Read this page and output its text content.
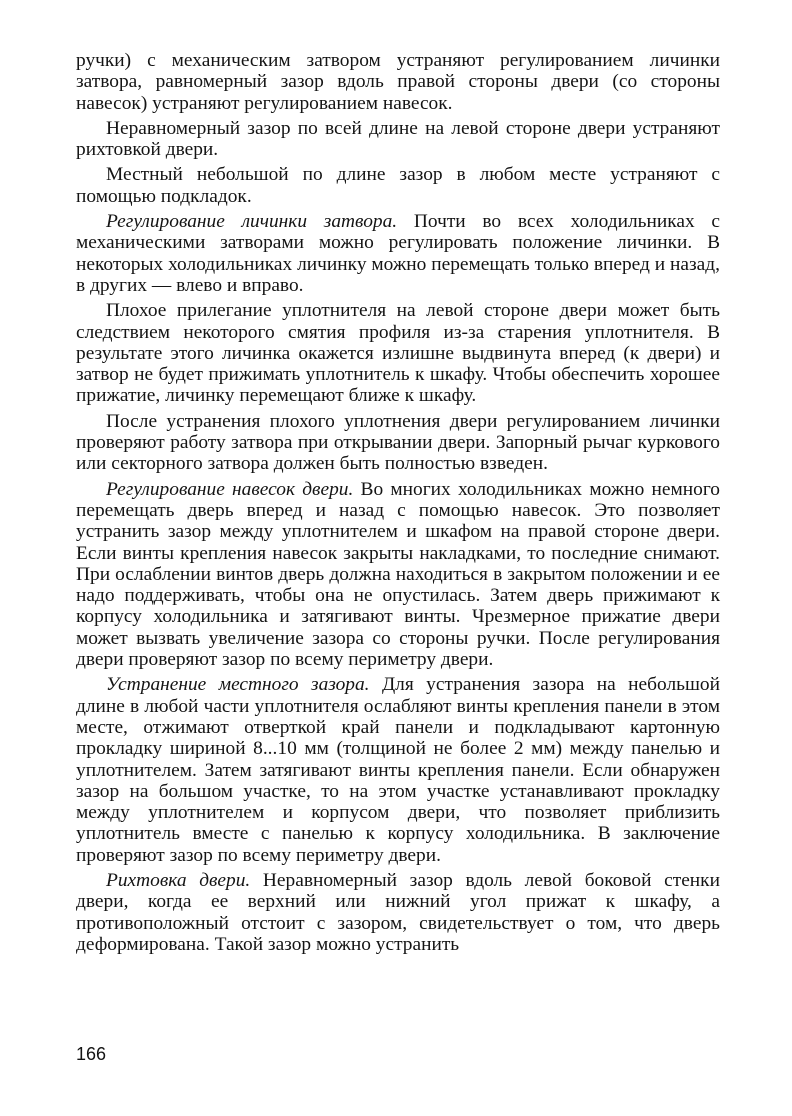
ручки) с механическим затвором устраняют регулированием личинки затвора, равномерный зазор вдоль правой стороны двери (со стороны навесок) устраняют регулированием навесок.

Неравномерный зазор по всей длине на левой стороне двери устраняют рихтовкой двери.

Местный небольшой по длине зазор в любом месте устраняют с помощью подкладок.

Регулирование личинки затвора. Почти во всех холодильниках с механическими затворами можно регулировать положение личинки. В некоторых холодильниках личинку можно перемещать только вперед и назад, в других — влево и вправо.

Плохое прилегание уплотнителя на левой стороне двери может быть следствием некоторого смятия профиля из-за старения уплотнителя. В результате этого личинка окажется излишне выдвинута вперед (к двери) и затвор не будет прижимать уплотнитель к шкафу. Чтобы обеспечить хорошее прижатие, личинку перемещают ближе к шкафу.

После устранения плохого уплотнения двери регулированием личинки проверяют работу затвора при открывании двери. Запорный рычаг куркового или секторного затвора должен быть полностью взведен.

Регулирование навесок двери. Во многих холодильниках можно немного перемещать дверь вперед и назад с помощью навесок. Это позволяет устранить зазор между уплотнителем и шкафом на правой стороне двери. Если винты крепления навесок закрыты накладками, то последние снимают. При ослаблении винтов дверь должна находиться в закрытом положении и ее надо поддерживать, чтобы она не опустилась. Затем дверь прижимают к корпусу холодильника и затягивают винты. Чрезмерное прижатие двери может вызвать увеличение зазора со стороны ручки. После регулирования двери проверяют зазор по всему периметру двери.

Устранение местного зазора. Для устранения зазора на небольшой длине в любой части уплотнителя ослабляют винты крепления панели в этом месте, отжимают отверткой край панели и подкладывают картонную прокладку шириной 8...10 мм (толщиной не более 2 мм) между панелью и уплотнителем. Затем затягивают винты крепления панели. Если обнаружен зазор на большом участке, то на этом участке устанавливают прокладку между уплотнителем и корпусом двери, что позволяет приблизить уплотнитель вместе с панелью к корпусу холодильника. В заключение проверяют зазор по всему периметру двери.

Рихтовка двери. Неравномерный зазор вдоль левой боковой стенки двери, когда ее верхний или нижний угол прижат к шкафу, а противоположный отстоит с зазором, свидетельствует о том, что дверь деформирована. Такой зазор можно устранить

166
